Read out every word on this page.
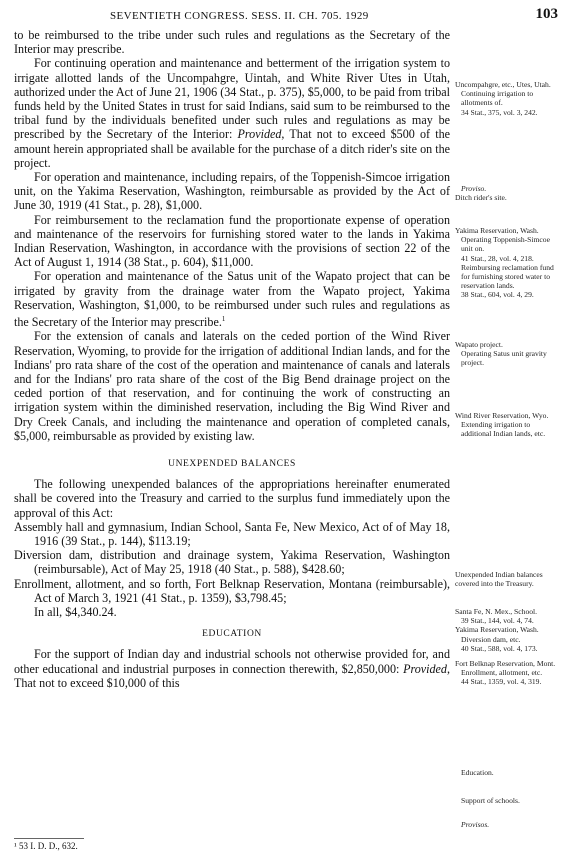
SEVENTIETH CONGRESS. SESS. II. CH. 705. 1929	103

to be reimbursed to the tribe under such rules and regulations as the Secretary of the Interior may prescribe.

For continuing operation and maintenance and betterment of the irrigation system to irrigate allotted lands of the Uncompahgre, Uintah, and White River Utes in Utah, authorized under the Act of June 21, 1906 (34 Stat., p. 375), $5,000, to be paid from tribal funds held by the United States in trust for said Indians, said sum to be reimbursed to the tribal fund by the individuals benefited under such rules and regulations as may be prescribed by the Secretary of the Interior: Provided, That not to exceed $500 of the amount herein appropriated shall be available for the purchase of a ditch rider's site on the project.

For operation and maintenance, including repairs, of the Toppenish-Simcoe irrigation unit, on the Yakima Reservation, Washington, reimbursable as provided by the Act of June 30, 1919 (41 Stat., p. 28), $1,000.

For reimbursement to the reclamation fund the proportionate expense of operation and maintenance of the reservoirs for furnishing stored water to the lands in Yakima Indian Reservation, Washington, in accordance with the provisions of section 22 of the Act of August 1, 1914 (38 Stat., p. 604), $11,000.

For operation and maintenance of the Satus unit of the Wapato project that can be irrigated by gravity from the drainage water from the Wapato project, Yakima Reservation, Washington, $1,000, to be reimbursed under such rules and regulations as the Secretary of the Interior may prescribe.$^1$

For the extension of canals and laterals on the ceded portion of the Wind River Reservation, Wyoming, to provide for the irrigation of additional Indian lands, and for the Indians' pro rata share of the cost of the operation and maintenance of canals and laterals and for the Indians' pro rata share of the cost of the Big Bend drainage project on the ceded portion of that reservation, and for continuing the work of constructing an irrigation system within the diminished reservation, including the Big Wind River and Dry Creek Canals, and including the maintenance and operation of completed canals, $5,000, reimbursable as provided by existing law.

UNEXPENDED BALANCES

The following unexpended balances of the appropriations hereinafter enumerated shall be covered into the Treasury and carried to the surplus fund immediately upon the approval of this Act:

Assembly hall and gymnasium, Indian School, Santa Fe, New Mexico, Act of of May 18, 1916 (39 Stat., p. 144), $113.19;

Diversion dam, distribution and drainage system, Yakima Reservation, Washington (reimbursable), Act of May 25, 1918 (40 Stat., p. 588), $428.60;

Enrollment, allotment, and so forth, Fort Belknap Reservation, Montana (reimbursable), Act of March 3, 1921 (41 Stat., p. 1359), $3,798.45;

In all, $4,340.24.

EDUCATION

For the support of Indian day and industrial schools not otherwise provided for, and other educational and industrial purposes in connection therewith, $2,850,000: Provided, That not to exceed $10,000 of this

Uncompahgre, etc., Utes, Utah.
Continuing irrigation to allotments of.
34 Stat., 375, vol. 3, 242.
Proviso.
Ditch rider's site.
Yakima Reservation, Wash.
Operating Toppenish-Simcoe unit on.
41 Stat., 28, vol. 4, 218.
Reimbursing reclamation fund for furnishing stored water to reservation lands.
38 Stat., 604, vol. 4, 29.
Wapato project.
Operating Satus unit gravity project.
Wind River Reservation, Wyo.
Extending irrigation to additional Indian lands, etc.
Unexpended Indian balances covered into the Treasury.
Santa Fe, N. Mex., School.
39 Stat., 144, vol. 4, 74.
Yakima Reservation, Wash.
Diversion dam, etc.
40 Stat., 588, vol. 4, 173.
Fort Belknap Reservation, Mont.
Enrollment, allotment, etc.
44 Stat., 1359, vol. 4, 319.
Education.
Support of schools.
Provisos.
¹ 53 I. D. D., 632.
